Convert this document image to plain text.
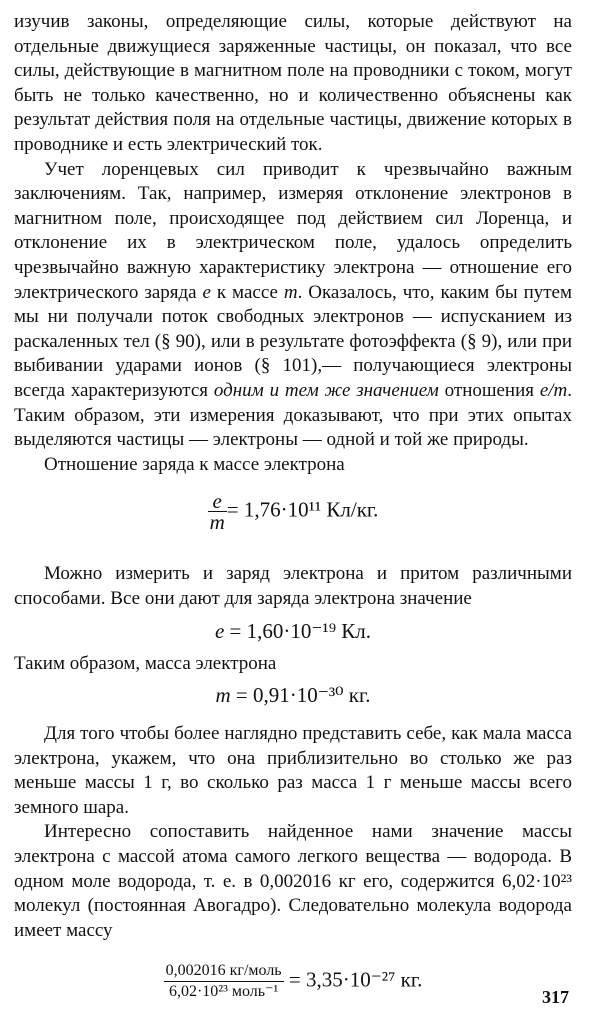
изучив законы, определяющие силы, которые действуют на отдельные движущиеся заряженные частицы, он показал, что все силы, действующие в магнитном поле на проводники с током, могут быть не только качественно, но и количественно объяснены как результат действия поля на отдельные частицы, движение которых в проводнике и есть электрический ток.

Учет лоренцевых сил приводит к чрезвычайно важным заключениям. Так, например, измеряя отклонение электронов в магнитном поле, происходящее под действием сил Лоренца, и отклонение их в электрическом поле, удалось определить чрезвычайно важную характеристику электрона — отношение его электрического заряда e к массе m. Оказалось, что, каким бы путем мы ни получали поток свободных электронов — испусканием из раскаленных тел (§ 90), или в результате фотоэффекта (§ 9), или при выбивании ударами ионов (§ 101),— получающиеся электроны всегда характеризуются одним и тем же значением отношения e/m. Таким образом, эти измерения доказывают, что при этих опытах выделяются частицы — электроны — одной и той же природы.

Отношение заряда к массе электрона

$\frac{e}{m} = 1,76\cdot 10^{11}$ Кл/кг.

Можно измерить и заряд электрона и притом различными способами. Все они дают для заряда электрона значение

e = 1,60·10⁻¹⁹ Кл.

Таким образом, масса электрона

m = 0,91·10⁻³⁰ кг.

Для того чтобы более наглядно представить себе, как мала масса электрона, укажем, что она приблизительно во столько же раз меньше массы 1 г, во сколько раз масса 1 г меньше массы всего земного шара.

Интересно сопоставить найденное нами значение массы электрона с массой атома самого легкого вещества — водорода. В одном моле водорода, т. е. в 0,002016 кг его, содержится 6,02·10²³ молекул (постоянная Авогадро). Следовательно молекула водорода имеет массу

$\frac{\text{0,002016 кг/моль}}{\text{6,02·10²³ моль⁻¹}} = 3,35\cdot 10^{-27}$ кг.
317
